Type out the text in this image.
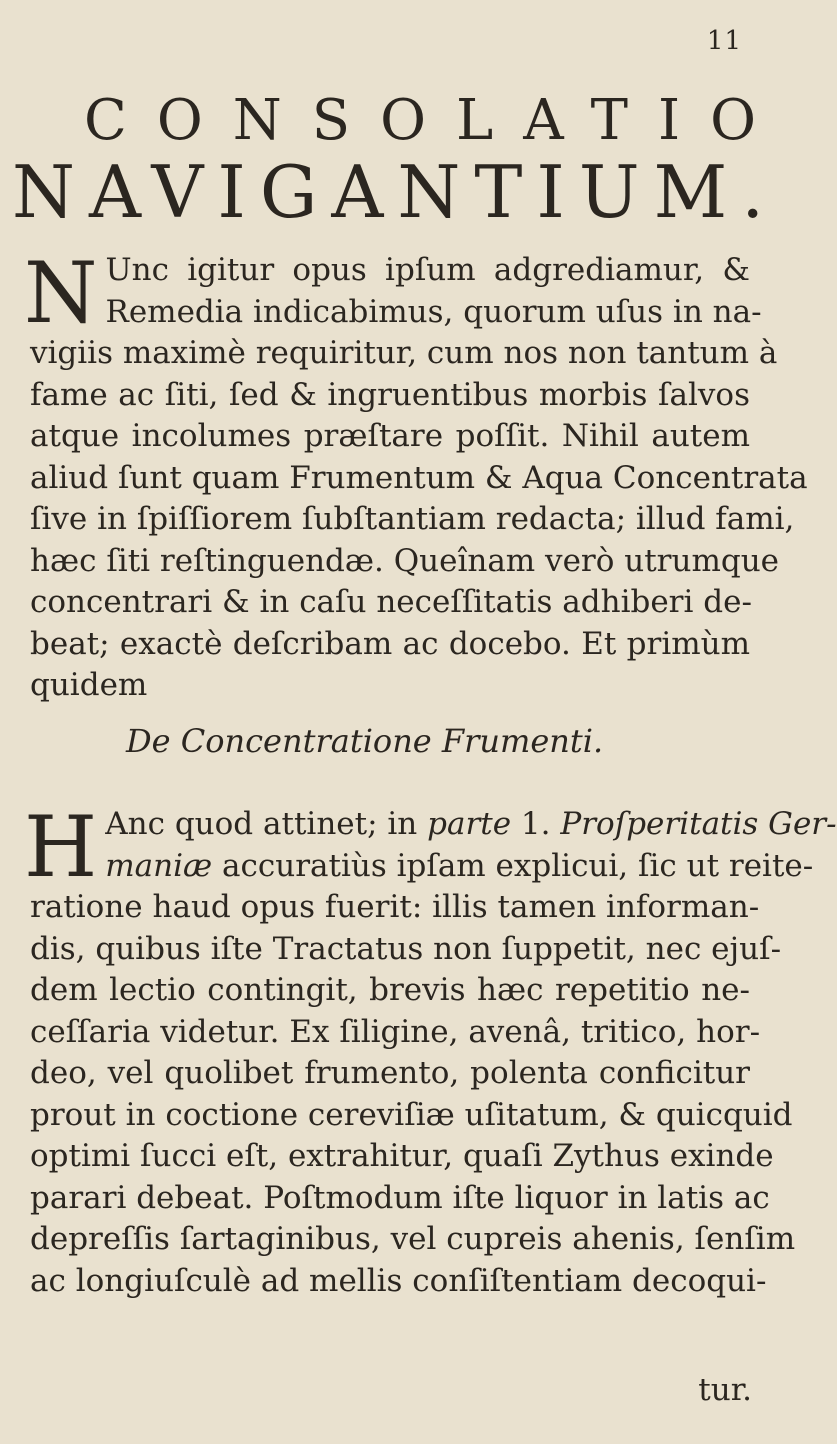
11
CONSOLATIO
NAVIGANTIUM.
N Unc igitur opus ipſum adgrediamur, &
Remedia indicabimus, quorum uſus in na-
vigiis maximè requiritur, cum nos non tantum à
fame ac ſiti, ſed & ingruentibus morbis ſalvos
atque incolumes præſtare poſſit. Nihil autem
aliud ſunt quam Frumentum & Aqua Concentrata
ſive in ſpiſſiorem ſubſtantiam redacta; illud fami,
hæc ſiti reſtinguendæ. Queînam verò utrumque
concentrari & in caſu neceſſitatis adhiberi de-
beat; exactè deſcribam ac docebo. Et primùm
quidem
De Concentratione Frumenti.
H Anc quod attinet; in parte 1. Proſperitatis Ger-
maniæ accuratiùs ipſam explicui, ſic ut reite-
ratione haud opus fuerit: illis tamen informan-
dis, quibus iſte Tractatus non ſuppetit, nec ejuſ-
dem lectio contingit, brevis hæc repetitio ne-
ceſſaria videtur. Ex ſiligine, avenâ, tritico, hor-
deo, vel quolibet frumento, polenta conficitur
prout in coctione cereviſiæ uſitatum, & quicquid
optimi ſucci eſt, extrahitur, quaſi Zythus exinde
parari debeat. Poſtmodum iſte liquor in latis ac
depreſſis ſartaginibus, vel cupreis ahenis, ſenſim
ac longiuſculè ad mellis conſiſtentiam decoqui-
tur.
